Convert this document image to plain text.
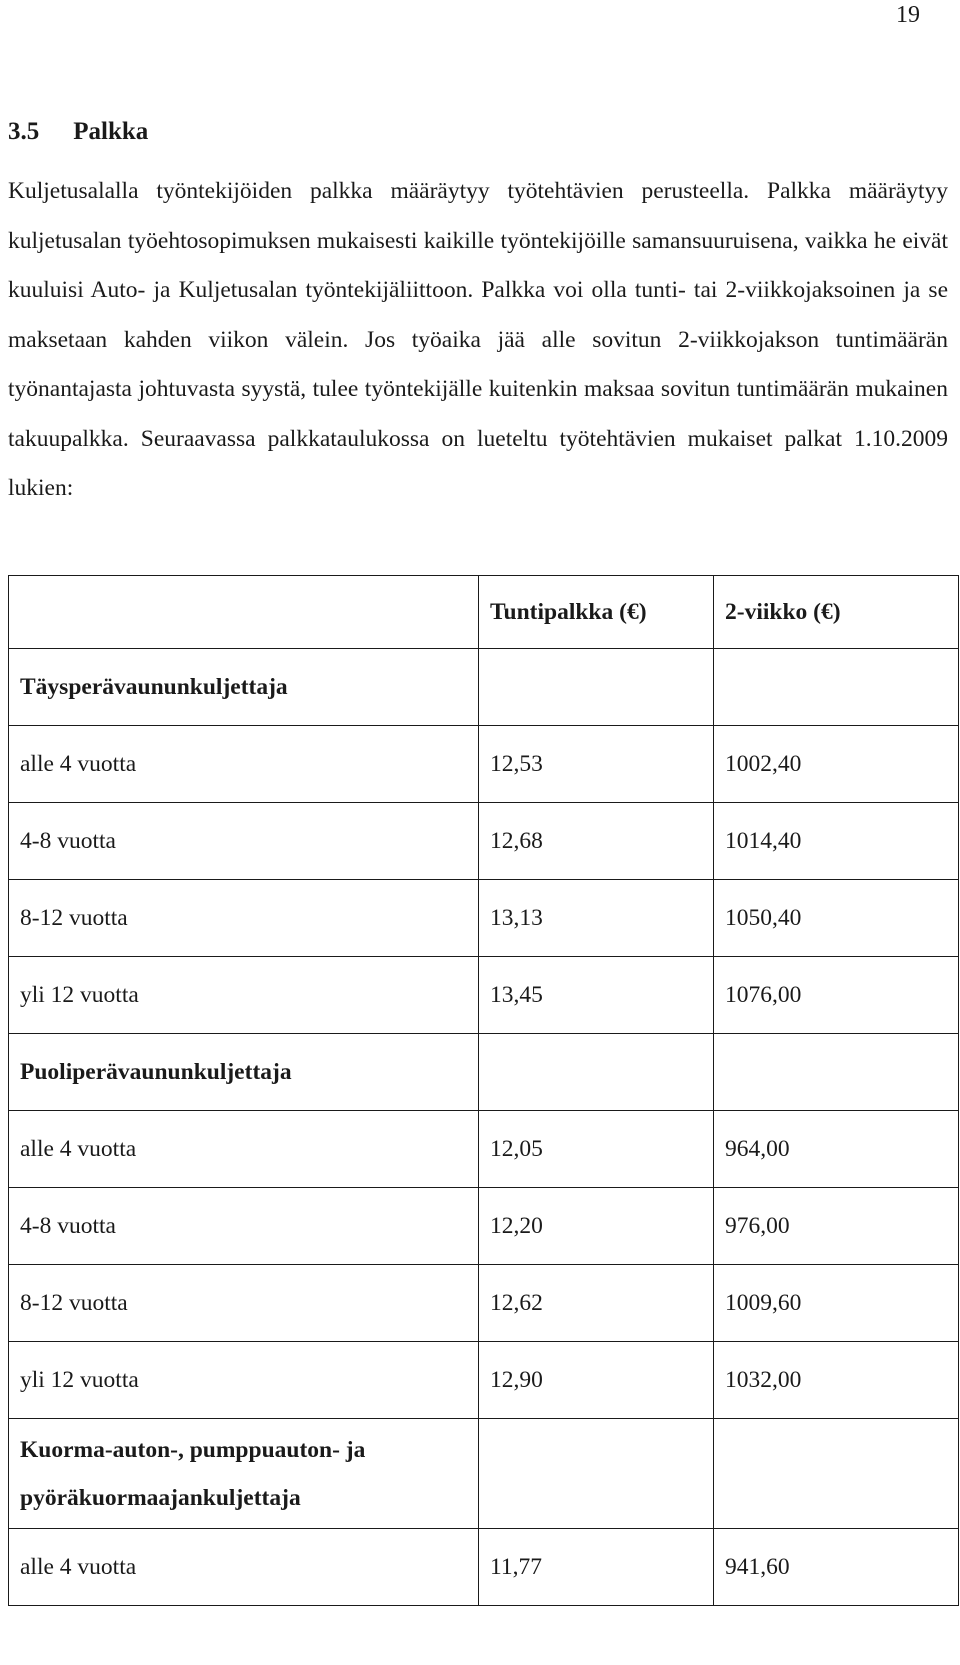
19
3.5 Palkka

Kuljetusalalla työntekijöiden palkka määräytyy työtehtävien perusteella. Palkka määräytyy kuljetusalan työehtosopimuksen mukaisesti kaikille työntekijöille samansuuruisena, vaikka he eivät kuuluisi Auto- ja Kuljetusalan työntekijäliittoon. Palkka voi olla tunti- tai 2-viikkojaksoinen ja se maksetaan kahden viikon välein. Jos työaika jää alle sovitun 2-viikkojakson tuntimäärän työnantajasta johtuvasta syystä, tulee työntekijälle kuitenkin maksaa sovitun tuntimäärän mukainen takuupalkka. Seuraavassa palkkataulukossa on lueteltu työtehtävien mukaiset palkat 1.10.2009 lukien:

	Tuntipalkka (€)	2-viikko (€)
Täysperävaununkuljettaja		
alle 4 vuotta	12,53	1002,40
4-8 vuotta	12,68	1014,40
8-12 vuotta	13,13	1050,40
yli 12 vuotta	13,45	1076,00
Puoliperävaununkuljettaja		
alle 4 vuotta	12,05	964,00
4-8 vuotta	12,20	976,00
8-12 vuotta	12,62	1009,60
yli 12 vuotta	12,90	1032,00

Kuorma-auton-, pumppuauton- ja
pyöräkuormaajankuljettaja		

alle 4 vuotta	11,77	941,60
